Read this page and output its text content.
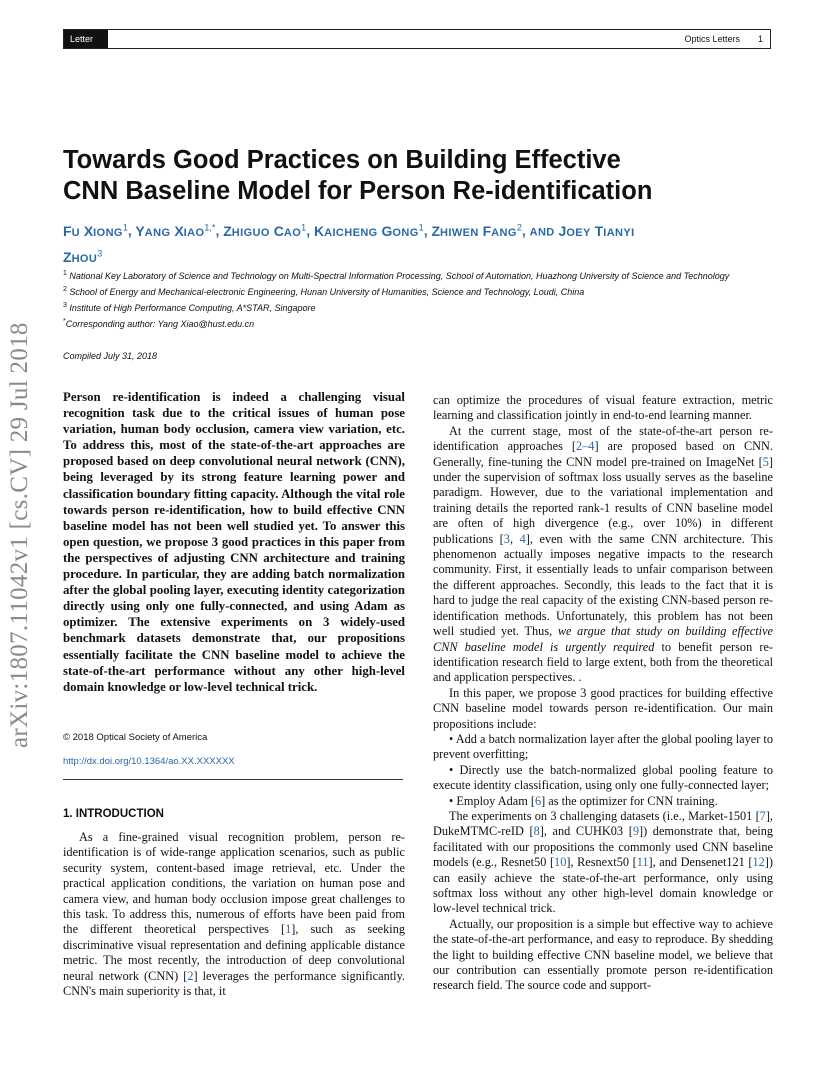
Letter	Optics Letters 1
arXiv:1807.11042v1 [cs.CV] 29 Jul 2018
Towards Good Practices on Building Effective
CNN Baseline Model for Person Re-identification
FU XIONG$^1$, YANG $XIAO^{1,*}$, ZHIGUO CAO$^1$, KAICHENG GONG$^1$, ZHIWEN FANG$^2$, AND JOEY TIANYI
ZHOU$^3$
$^1$ National Key Laboratory of Science and Technology on Multi-Spectral Information Processing, School of Automation, Huazhong University of Science and Technology
$^2$ School of Energy and Mechanical-electronic Engineering, Hunan University of Humanities, Science and Technology, Loudi, China
$^3$ Institute of High Performance Computing, A*STAR, Singapore
*Corresponding author: Yang Xiao@hust.edu.cn
Compiled July 31, 2018
Person re-identification is indeed a challenging visual recognition task due to the critical issues of human pose variation, human body occlusion, camera view variation, etc. To address this, most of the state-of-the-art approaches are proposed based on deep convolutional neural network (CNN), being leveraged by its strong feature learning power and classification boundary fitting capacity. Although the vital role towards person re-identification, how to build effective CNN baseline model has not been well studied yet. To answer this open question, we propose 3 good practices in this paper from the perspectives of adjusting CNN architecture and training procedure. In particular, they are adding batch normalization after the global pooling layer, executing identity categorization directly using only one fully-connected, and using Adam as optimizer. The extensive experiments on 3 widely-used benchmark datasets demonstrate that, our propositions essentially facilitate the CNN baseline model to achieve the state-of-the-art performance without any other high-level domain knowledge or low-level technical trick.
© 2018 Optical Society of America
http://dx.doi.org/10.1364/ao.XX.XXXXXX
1. INTRODUCTION
As a fine-grained visual recognition problem, person re-identification is of wide-range application scenarios, such as public security system, content-based image retrieval, etc. Under the practical application conditions, the variation on human pose and camera view, and human body occlusion impose great challenges to this task. To address this, numerous of efforts have been paid from the different theoretical perspectives [1], such as seeking discriminative visual representation and defining applicable distance metric. The most recently, the introduction of deep convolutional neural network (CNN) [2] leverages the performance significantly. CNN's main superiority is that, it

can optimize the procedures of visual feature extraction, metric learning and classification jointly in end-to-end learning manner.

At the current stage, most of the state-of-the-art person re-identification approaches [2–4] are proposed based on CNN. Generally, fine-tuning the CNN model pre-trained on ImageNet [5] under the supervision of softmax loss usually serves as the baseline paradigm. However, due to the variational implementation and training details the reported rank-1 results of CNN baseline model are often of high divergence (e.g., over 10%) in different publications [3, 4], even with the same CNN architecture. This phenomenon actually imposes negative impacts to the research community. First, it essentially leads to unfair comparison between the different approaches. Secondly, this leads to the fact that it is hard to judge the real capacity of the existing CNN-based person re-identification methods. Unfortunately, this problem has not been well studied yet. Thus, we argue that study on building effective CNN baseline model is urgently required to benefit person re-identification research field to large extent, both from the theoretical and application perspectives. .

In this paper, we propose 3 good practices for building effective CNN baseline model towards person re-identification. Our main propositions include:

• Add a batch normalization layer after the global pooling layer to prevent overfitting;

• Directly use the batch-normalized global pooling feature to execute identity classification, using only one fully-connected layer;

• Employ Adam [6] as the optimizer for CNN training.

The experiments on 3 challenging datasets (i.e., Market-1501 [7], DukeMTMC-reID [8], and CUHK03 [9]) demonstrate that, being facilitated with our propositions the commonly used CNN baseline models (e.g., Resnet50 [10], Resnext50 [11], and Densenet121 [12]) can easily achieve the state-of-the-art performance, only using softmax loss without any other high-level domain knowledge or low-level technical trick.

Actually, our proposition is a simple but effective way to achieve the state-of-the-art performance, and easy to reproduce. By shedding the light to building effective CNN baseline model, we believe that our contribution can essentially promote person re-identification research field. The source code and support-
